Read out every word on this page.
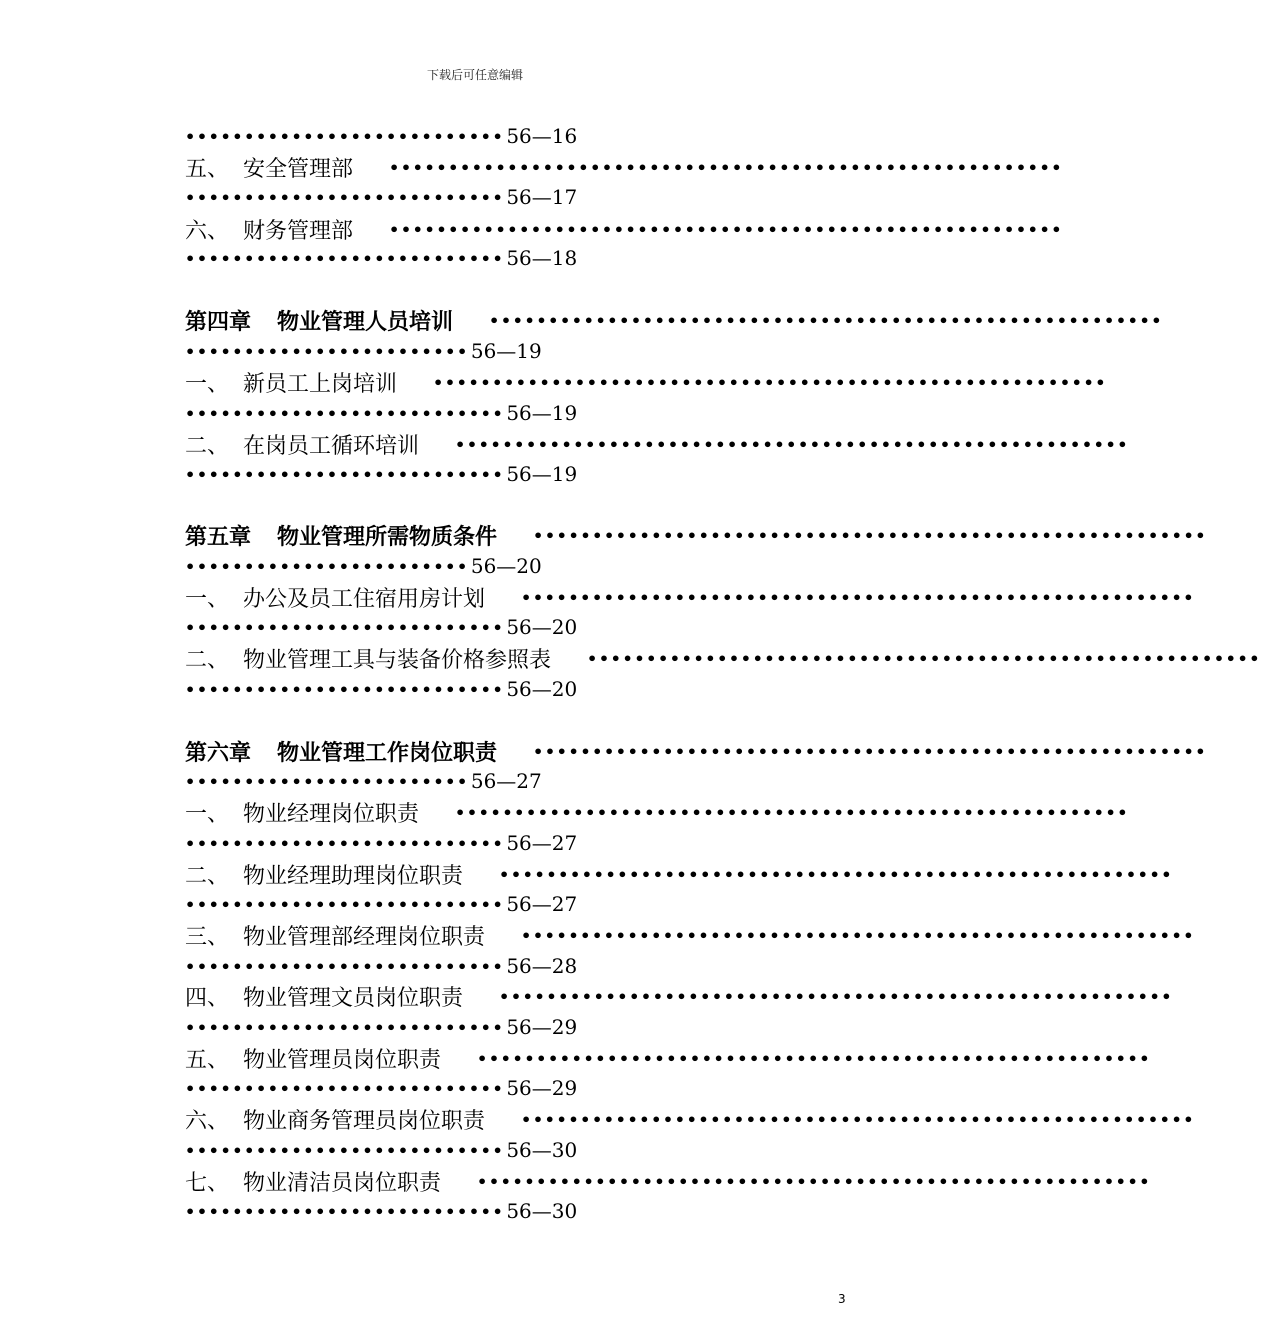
下载后可任意编辑
••••••••••••••••••••••••••• 56—16
五、 安全管理部 •••••••••••••••••••••••••••••••••••••••••••••••••••••••••
••••••••••••••••••••••••••• 56—17
六、 财务管理部 •••••••••••••••••••••••••••••••••••••••••••••••••••••••••
••••••••••••••••••••••••••• 56—18
第四章	物业管理人员培训 •••••••••••••••••••••••••••••••••••••••••••••••••••••••••
•••••••••••••••••••••••• 56—19
一、 新员工上岗培训 •••••••••••••••••••••••••••••••••••••••••••••••••••••••••
••••••••••••••••••••••••••• 56—19
二、 在岗员工循环培训 •••••••••••••••••••••••••••••••••••••••••••••••••••••••••
••••••••••••••••••••••••••• 56—19
第五章	物业管理所需物质条件 •••••••••••••••••••••••••••••••••••••••••••••••••••••••••
•••••••••••••••••••••••• 56—20
一、 办公及员工住宿用房计划 •••••••••••••••••••••••••••••••••••••••••••••••••••••••••
••••••••••••••••••••••••••• 56—20
二、 物业管理工具与装备价格参照表 •••••••••••••••••••••••••••••••••••••••••••••••••••••••••
••••••••••••••••••••••••••• 56—20
第六章	物业管理工作岗位职责 •••••••••••••••••••••••••••••••••••••••••••••••••••••••••
•••••••••••••••••••••••• 56—27
一、 物业经理岗位职责 •••••••••••••••••••••••••••••••••••••••••••••••••••••••••
••••••••••••••••••••••••••• 56—27
二、 物业经理助理岗位职责 •••••••••••••••••••••••••••••••••••••••••••••••••••••••••
••••••••••••••••••••••••••• 56—27
三、 物业管理部经理岗位职责 •••••••••••••••••••••••••••••••••••••••••••••••••••••••••
••••••••••••••••••••••••••• 56—28
四、 物业管理文员岗位职责 •••••••••••••••••••••••••••••••••••••••••••••••••••••••••
••••••••••••••••••••••••••• 56—29
五、 物业管理员岗位职责 •••••••••••••••••••••••••••••••••••••••••••••••••••••••••
••••••••••••••••••••••••••• 56—29
六、 物业商务管理员岗位职责 •••••••••••••••••••••••••••••••••••••••••••••••••••••••••
••••••••••••••••••••••••••• 56—30
七、 物业清洁员岗位职责 •••••••••••••••••••••••••••••••••••••••••••••••••••••••••
••••••••••••••••••••••••••• 56—30
3
